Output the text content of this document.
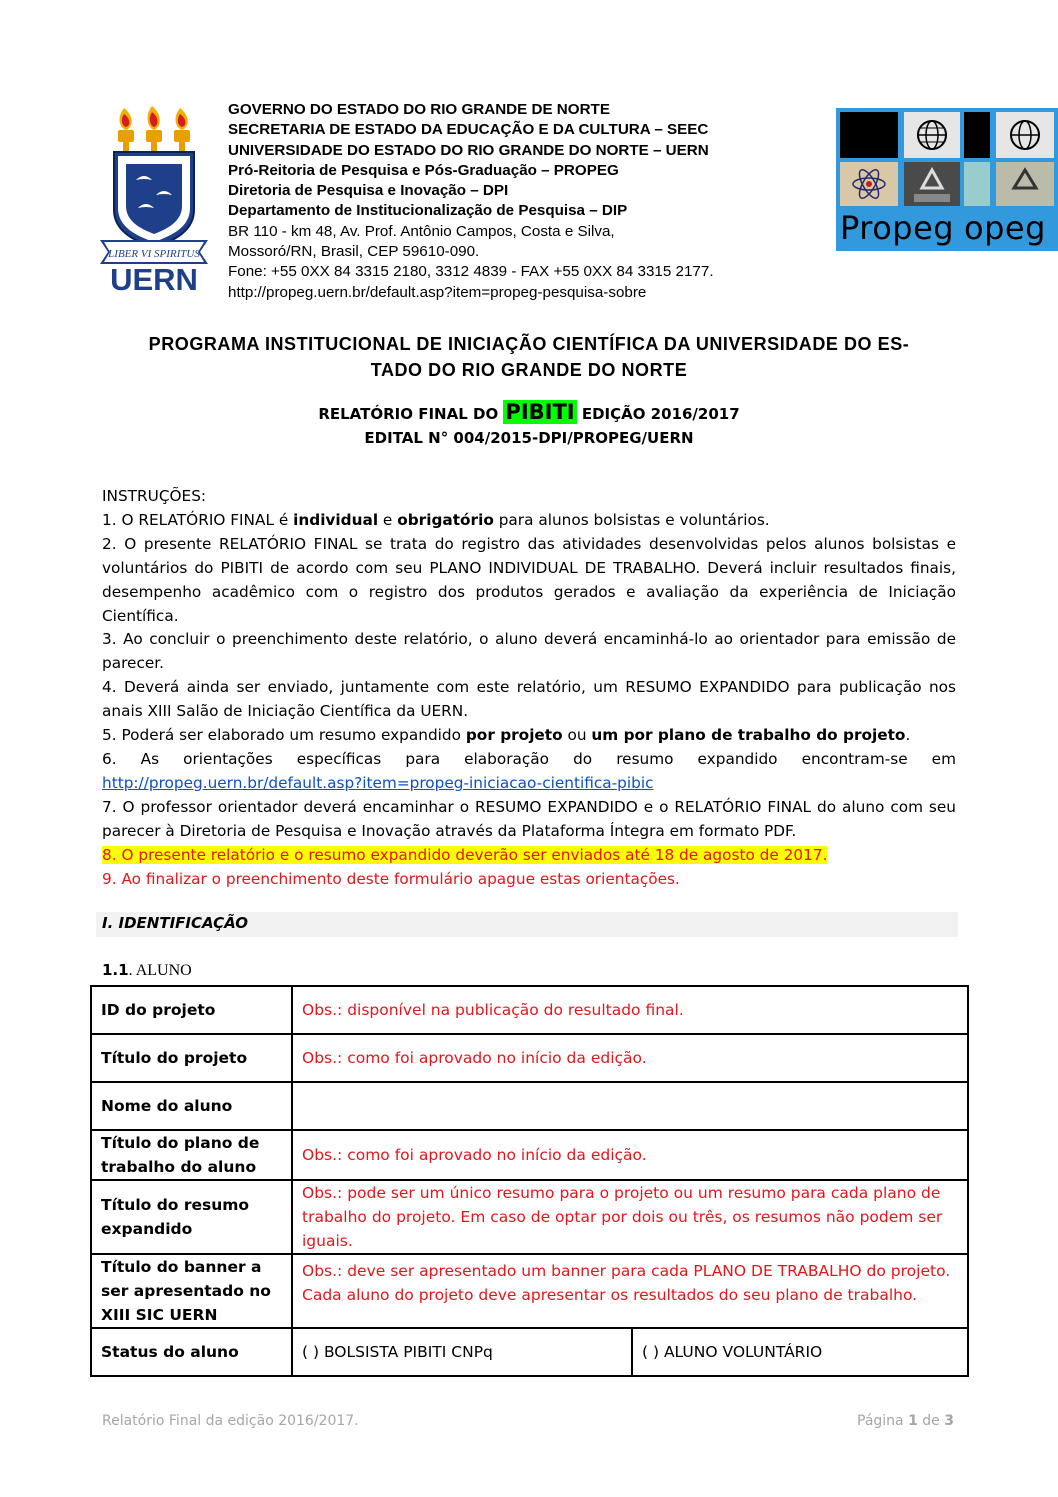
LIBER VI SPIRITUS
UERN
GOVERNO DO ESTADO DO RIO GRANDE DE NORTE
SECRETARIA DE ESTADO DA EDUCAÇÃO E DA CULTURA – SEEC
UNIVERSIDADE DO ESTADO DO RIO GRANDE DO NORTE – UERN
Pró-Reitoria de Pesquisa e Pós-Graduação – PROPEG
Diretoria de Pesquisa e Inovação – DPI
Departamento de Institucionalização de Pesquisa – DIP
BR 110 - km 48, Av. Prof. Antônio Campos, Costa e Silva,
Mossoró/RN, Brasil, CEP 59610-090.
Fone: +55 0XX 84 3315 2180, 3312 4839 - FAX +55 0XX 84 3315 2177.
http://propeg.uern.br/default.asp?item=propeg-pesquisa-sobre
Propeg opeg
PROGRAMA INSTITUCIONAL DE INICIAÇÃO CIENTÍFICA DA UNIVERSIDADE DO ES-
TADO DO RIO GRANDE DO NORTE
RELATÓRIO FINAL DO PIBITI EDIÇÃO 2016/2017
EDITAL N° 004/2015-DPI/PROPEG/UERN

INSTRUÇÕES:

1. O RELATÓRIO FINAL é individual e obrigatório para alunos bolsistas e voluntários.

2. O presente RELATÓRIO FINAL se trata do registro das atividades desenvolvidas pelos alunos bolsistas e voluntários do PIBITI de acordo com seu PLANO INDIVIDUAL DE TRABALHO. Deverá incluir resultados finais, desempenho acadêmico com o registro dos produtos gerados e avaliação da experiência de Iniciação Científica.

3. Ao concluir o preenchimento deste relatório, o aluno deverá encaminhá-lo ao orientador para emissão de parecer.

4. Deverá ainda ser enviado, juntamente com este relatório, um RESUMO EXPANDIDO para publicação nos anais XIII Salão de Iniciação Científica da UERN.

5. Poderá ser elaborado um resumo expandido por projeto ou um por plano de trabalho do projeto.

6. As orientações específicas para elaboração do resumo expandido encontram-se em

http://propeg.uern.br/default.asp?item=propeg-iniciacao-cientifica-pibic

7. O professor orientador deverá encaminhar o RESUMO EXPANDIDO e o RELATÓRIO FINAL do aluno com seu parecer à Diretoria de Pesquisa e Inovação através da Plataforma Íntegra em formato PDF.

8. O presente relatório e o resumo expandido deverão ser enviados até 18 de agosto de 2017.

9. Ao finalizar o preenchimento deste formulário apague estas orientações.

I. IDENTIFICAÇÃO
1.1. ALUNO
ID do projeto	Obs.: disponível na publicação do resultado final.	
Título do projeto	Obs.: como foi aprovado no início da edição.	
Nome do aluno		
Título do plano de trabalho do aluno	Obs.: como foi aprovado no início da edição.	
Título do resumo expandido	Obs.: pode ser um único resumo para o projeto ou um resumo para cada plano de trabalho do projeto. Em caso de optar por dois ou três, os resumos não podem ser iguais.	
Título do banner a ser apresentado no XIII SIC UERN	Obs.: deve ser apresentado um banner para cada PLANO DE TRABALHO do projeto. Cada aluno do projeto deve apresentar os resultados do seu plano de trabalho.	
Status do aluno	( ) BOLSISTA PIBITI CNPq	( ) ALUNO VOLUNTÁRIO
Relatório Final da edição 2016/2017.	Página 1 de 3
